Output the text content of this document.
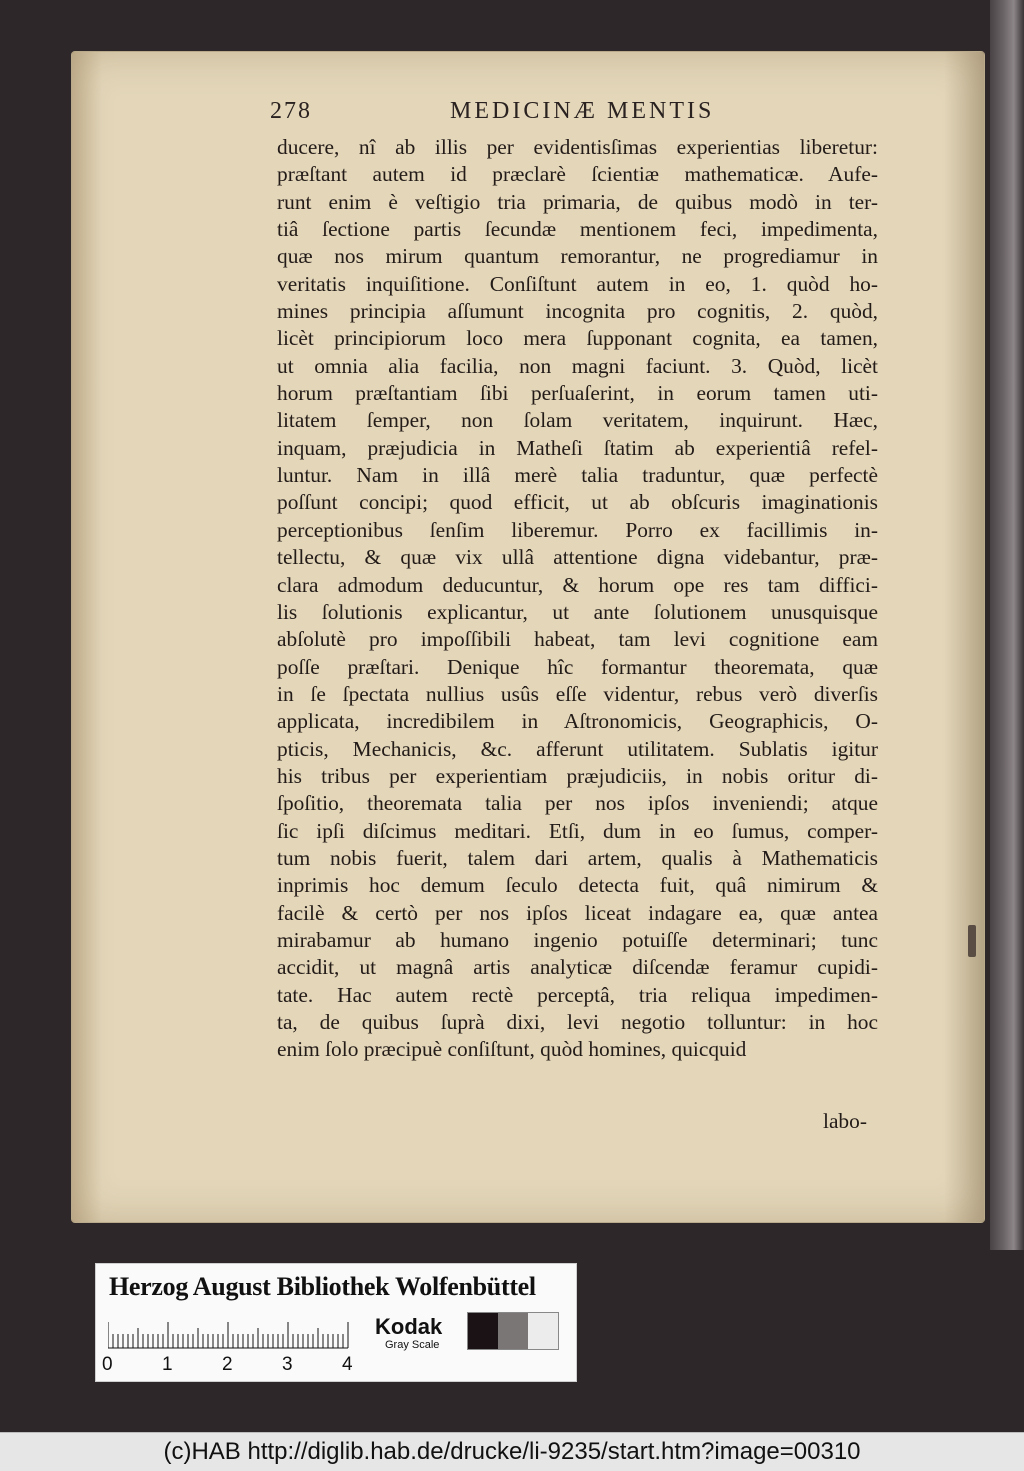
278	MEDICINÆ MENTIS
ducere, nî ab illis per evidentisſimas experientias liberetur:
præſtant autem id præclarè ſcientiæ mathematicæ. Aufe-
runt enim è veſtigio tria primaria, de quibus modò in ter-
tiâ ſectione partis ſecundæ mentionem feci, impedimenta,
quæ nos mirum quantum remorantur, ne progrediamur in
veritatis inquiſitione. Conſiſtunt autem in eo, 1. quòd ho-
mines principia aſſumunt incognita pro cognitis, 2. quòd,
licèt principiorum loco mera ſupponant cognita, ea tamen,
ut omnia alia facilia, non magni faciunt. 3. Quòd, licèt
horum præſtantiam ſibi perſuaſerint, in eorum tamen uti-
litatem ſemper, non ſolam veritatem, inquirunt. Hæc,
inquam, præjudicia in Matheſi ſtatim ab experientiâ refel-
luntur. Nam in illâ merè talia traduntur, quæ perfectè
poſſunt concipi; quod efficit, ut ab obſcuris imaginationis
perceptionibus ſenſim liberemur. Porro ex facillimis in-
tellectu, & quæ vix ullâ attentione digna videbantur, præ-
clara admodum deducuntur, & horum ope res tam diffici-
lis ſolutionis explicantur, ut ante ſolutionem unusquisque
abſolutè pro impoſſibili habeat, tam levi cognitione eam
poſſe præſtari. Denique hîc formantur theoremata, quæ
in ſe ſpectata nullius usûs eſſe videntur, rebus verò diverſis
applicata, incredibilem in Aſtronomicis, Geographicis, O-
pticis, Mechanicis, &c. afferunt utilitatem. Sublatis igitur
his tribus per experientiam præjudiciis, in nobis oritur di-
ſpoſitio, theoremata talia per nos ipſos inveniendi; atque
ſic ipſi diſcimus meditari. Etſi, dum in eo ſumus, comper-
tum nobis fuerit, talem dari artem, qualis à Mathematicis
inprimis hoc demum ſeculo detecta fuit, quâ nimirum &
facilè & certò per nos ipſos liceat indagare ea, quæ antea
mirabamur ab humano ingenio potuiſſe determinari; tunc
accidit, ut magnâ artis analyticæ diſcendæ feramur cupidi-
tate. Hac autem rectè perceptâ, tria reliqua impedimen-
ta, de quibus ſuprà dixi, levi negotio tolluntur: in hoc
enim ſolo præcipuè conſiſtunt, quòd homines, quicquid
labo-
Herzog August Bibliothek Wolfenbüttel
0	1	2	3	4
Kodak
Gray Scale
(c)HAB http://diglib.hab.de/drucke/li-9235/start.htm?image=00310
